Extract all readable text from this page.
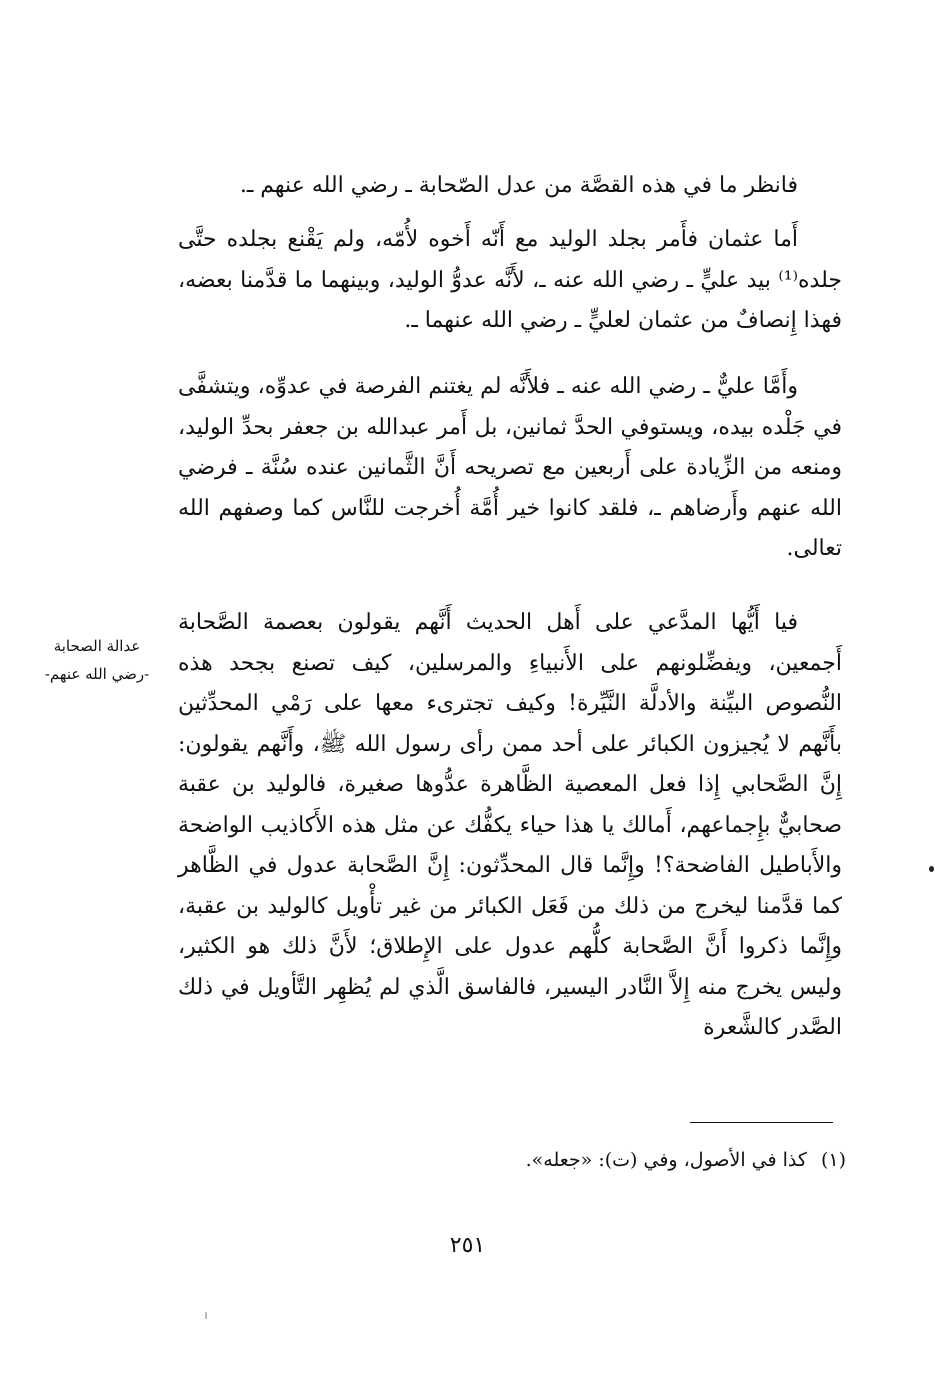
فانظر ما في هذه القصَّة من عدل الصّحابة ـ رضي الله عنهم ـ.

أَما عثمان فأَمر بجلد الوليد مع أَنّه أَخوه لأُمّه، ولم يَقْنع بجلده حتَّى جلده⁽¹⁾ بيد عليٍّ ـ رضي الله عنه ـ، لأَنَّه عدوُّ الوليد، وبينهما ما قدَّمنا بعضه، فهذا إِنصافٌ من عثمان لعليٍّ ـ رضي الله عنهما ـ.

وأَمَّا عليٌّ ـ رضي الله عنه ـ فلأَنَّه لم يغتنم الفرصة في عدوِّه، ويتشفَّى في جَلْده بيده، ويستوفي الحدَّ ثمانين، بل أَمر عبدالله بن جعفر بحدِّ الوليد، ومنعه من الزِّيادة على أَربعين مع تصريحه أَنَّ الثَّمانين عنده سُنَّة ـ فرضي الله عنهم وأَرضاهم ـ، فلقد كانوا خير أُمَّة أُخرجت للنَّاس كما وصفهم الله تعالى.

فيا أَيُّها المدَّعي على أَهل الحديث أَنَّهم يقولون بعصمة الصَّحابة أَجمعين، ويفضِّلونهم على الأَنبياءِ والمرسلين، كيف تصنع بجحد هذه النُّصوص البيِّنة والأدلَّة النَّيِّرة! وكيف تجترىء معها على رَمْي المحدِّثين بأَنَّهم لا يُجيزون الكبائر على أحد ممن رأى رسول الله ﷺ، وأَنَّهم يقولون: إِنَّ الصَّحابي إِذا فعل المعصية الظَّاهرة عدُّوها صغيرة، فالوليد بن عقبة صحابيٌّ بإِجماعهم، أَمالك يا هذا حياء يكفُّك عن مثل هذه الأَكاذيب الواضحة والأَباطيل الفاضحة؟! وإِنَّما قال المحدِّثون: إِنَّ الصَّحابة عدول في الظَّاهر كما قدَّمنا ليخرج من ذلك من فَعَل الكبائر من غير تأْويل كالوليد بن عقبة، وإِنَّما ذكروا أَنَّ الصَّحابة كلُّهم عدول على الإِطلاق؛ لأَنَّ ذلك هو الكثير، وليس يخرج منه إِلاَّ النَّادر اليسير، فالفاسق الَّذي لم يُظهِر التَّأويل في ذلك الصَّدر كالشَّعرة

عدالة الصحابة
-رضي الله عنهم-
(١)كذا في الأصول، وفي (ت): «جعله».
٢٥١
